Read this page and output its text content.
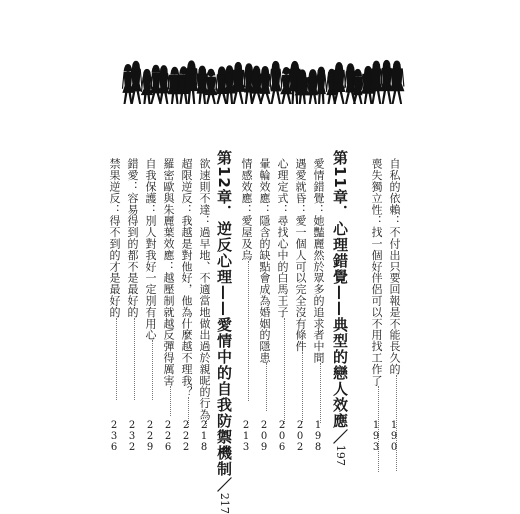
自私的依賴：不付出只要回報是不能長久的
1
9
0
喪失獨立性：找一個好伴侶可以不用找工作了
1
9
3
第11章．心理錯覺——典型的戀人效應／197
愛情錯覺：她豔麗然於眾多的追求者中間
1
9
8
遇愛就昏：愛一個人可以完全沒有條件
2
0
2
心理定式：尋找心中的白馬王子
2
0
6
暈輪效應：隱含的缺點會成為婚姻的隱患
2
0
9
情感效應：愛屋及烏
2
1
3
第12章．逆反心理——愛情中的自我防禦機制／217
欲速則不達：過早地、不適當地做出過於親昵的行為
2
1
8
超限逆反：我越是對他好，他為什麼越不理我？
2
2
2
羅密歐與朱麗葉效應：越壓制就越反彈得厲害
2
2
6
自我保護：別人對我好一定別有用心
2
2
9
錯愛：容易得到的都不是最好的
2
3
2
禁果逆反：得不到的才是最好的
2
3
6
